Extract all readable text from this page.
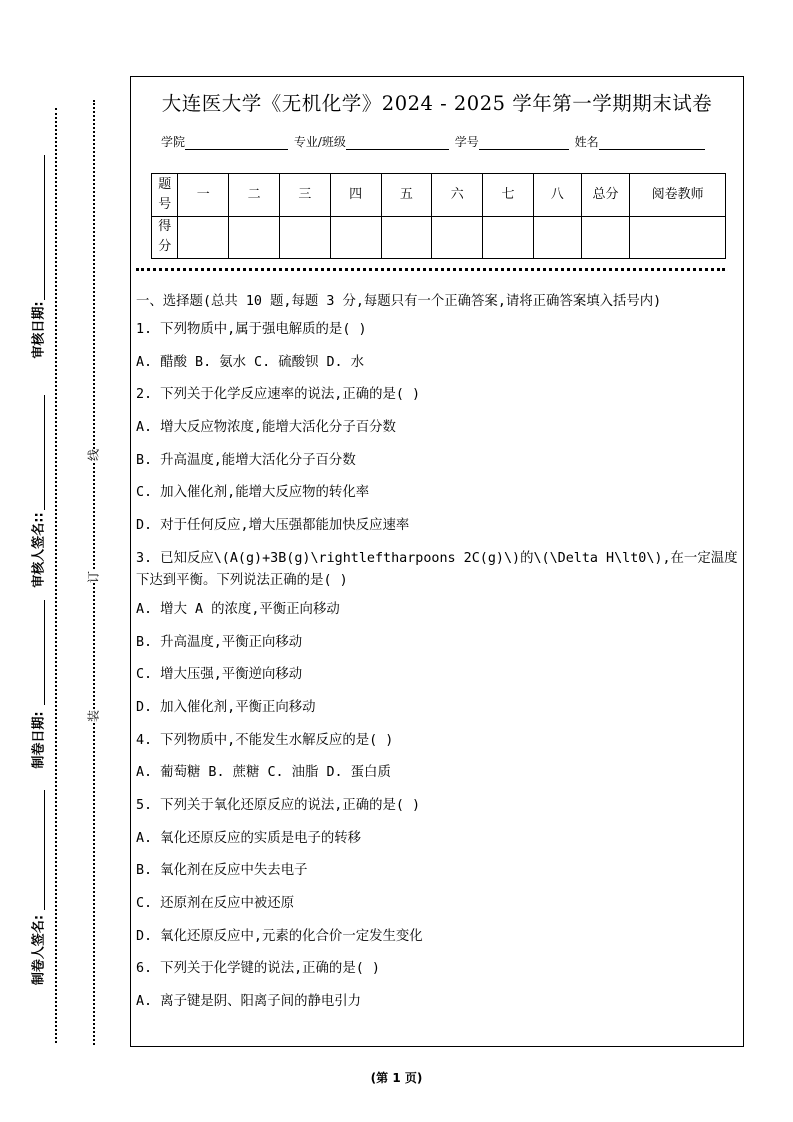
审核日期:
审核人签名::
制卷日期:
制卷人签名:
线
订
装
大连医大学《无机化学》2024 - 2025 学年第一学期期末试卷
学院	专业/班级	学号	姓名
题号	一	二	三	四	五	六	七	八	总分	阅卷教师
得分										
一、选择题(总共 10 题,每题 3 分,每题只有一个正确答案,请将正确答案填入括号内)
1. 下列物质中,属于强电解质的是( )
A. 醋酸 B. 氨水 C. 硫酸钡 D. 水
2. 下列关于化学反应速率的说法,正确的是( )
A. 增大反应物浓度,能增大活化分子百分数
B. 升高温度,能增大活化分子百分数
C. 加入催化剂,能增大反应物的转化率
D. 对于任何反应,增大压强都能加快反应速率
3. 已知反应\(A(g)+3B(g)\rightleftharpoons 2C(g)\)的\(\Delta H\lt0\),在一定温度下达到平衡。下列说法正确的是( )
A. 增大 A 的浓度,平衡正向移动
B. 升高温度,平衡正向移动
C. 增大压强,平衡逆向移动
D. 加入催化剂,平衡正向移动
4. 下列物质中,不能发生水解反应的是( )
A. 葡萄糖 B. 蔗糖 C. 油脂 D. 蛋白质
5. 下列关于氧化还原反应的说法,正确的是( )
A. 氧化还原反应的实质是电子的转移
B. 氧化剂在反应中失去电子
C. 还原剂在反应中被还原
D. 氧化还原反应中,元素的化合价一定发生变化
6. 下列关于化学键的说法,正确的是( )
A. 离子键是阴、阳离子间的静电引力
(第 1 页)
